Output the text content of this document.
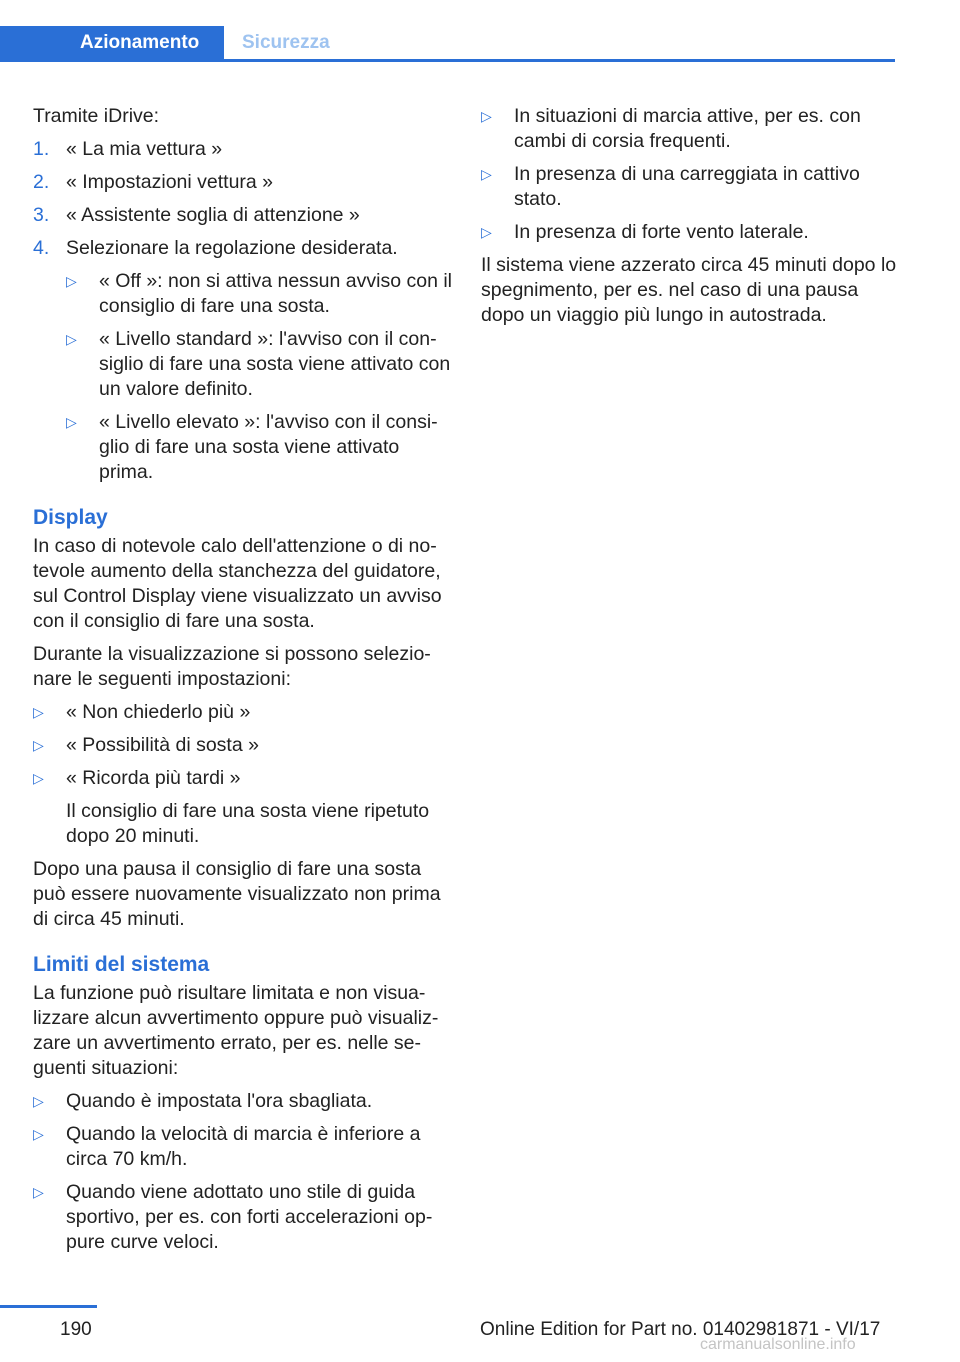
Azionamento	Sicurezza
Tramite iDrive:
1. « La mia vettura »
2. « Impostazioni vettura »
3. « Assistente soglia di attenzione »
4. Selezionare la regolazione desiderata.
▷ « Off »: non si attiva nessun avviso con il consiglio di fare una sosta.
▷ « Livello standard »: l'avviso con il consiglio di fare una sosta viene attivato con un valore definito.
▷ « Livello elevato »: l'avviso con il consiglio di fare una sosta viene attivato prima.
Display
In caso di notevole calo dell'attenzione o di notevole aumento della stanchezza del guidatore, sul Control Display viene visualizzato un avviso con il consiglio di fare una sosta.
Durante la visualizzazione si possono selezionare le seguenti impostazioni:
▷ « Non chiederlo più »
▷ « Possibilità di sosta »
▷ « Ricorda più tardi »
Il consiglio di fare una sosta viene ripetuto dopo 20 minuti.
Dopo una pausa il consiglio di fare una sosta può essere nuovamente visualizzato non prima di circa 45 minuti.
Limiti del sistema
La funzione può risultare limitata e non visualizzare alcun avvertimento oppure può visualizzare un avvertimento errato, per es. nelle seguenti situazioni:
▷ Quando è impostata l'ora sbagliata.
▷ Quando la velocità di marcia è inferiore a circa 70 km/h.
▷ Quando viene adottato uno stile di guida sportivo, per es. con forti accelerazioni oppure curve veloci.
▷ In situazioni di marcia attive, per es. con cambi di corsia frequenti.
▷ In presenza di una carreggiata in cattivo stato.
▷ In presenza di forte vento laterale.
Il sistema viene azzerato circa 45 minuti dopo lo spegnimento, per es. nel caso di una pausa dopo un viaggio più lungo in autostrada.
190	Online Edition for Part no. 01402981871 - VI/17
carmanualsonline.info
